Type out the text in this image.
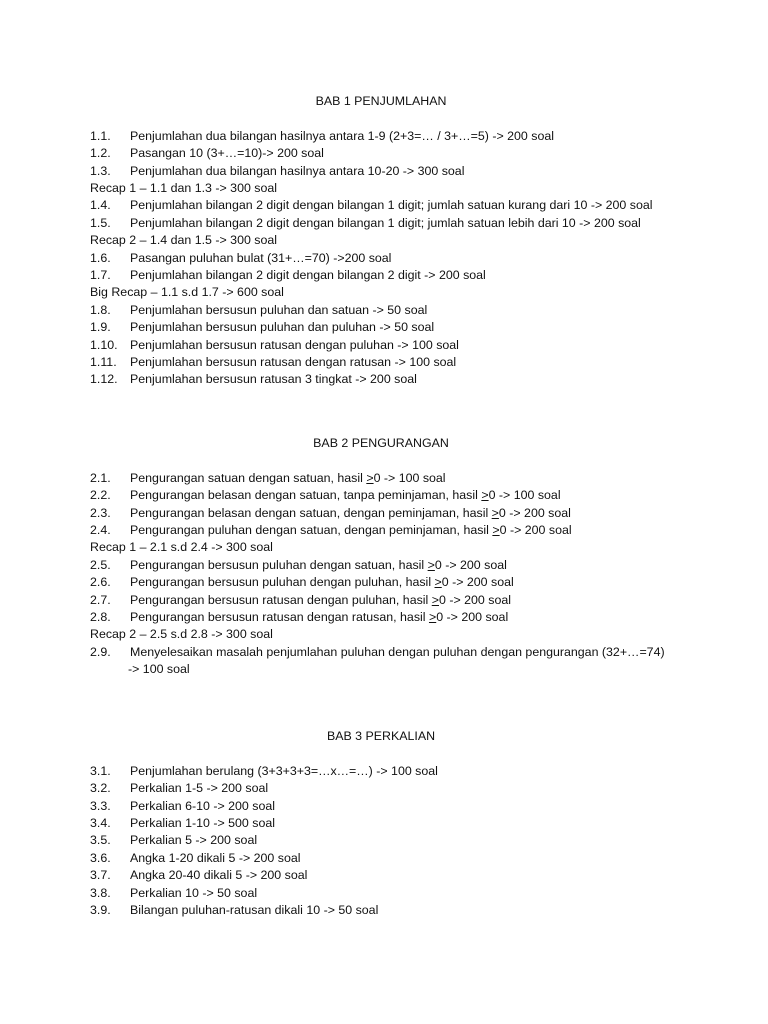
BAB 1 PENJUMLAHAN
1.1.	Penjumlahan dua bilangan hasilnya antara 1-9 (2+3=… / 3+…=5) -> 200 soal
1.2.	Pasangan 10 (3+…=10)-> 200 soal
1.3.	Penjumlahan dua bilangan hasilnya antara 10-20 -> 300 soal
Recap 1 – 1.1 dan 1.3 -> 300 soal
1.4.	Penjumlahan bilangan 2 digit dengan bilangan 1 digit; jumlah satuan kurang dari 10 -> 200 soal
1.5.	Penjumlahan bilangan 2 digit dengan bilangan 1 digit; jumlah satuan lebih dari 10 -> 200 soal
Recap 2 – 1.4 dan 1.5 -> 300 soal
1.6.	Pasangan puluhan bulat (31+…=70) ->200 soal
1.7.	Penjumlahan bilangan 2 digit dengan bilangan 2 digit -> 200 soal
Big Recap – 1.1 s.d 1.7 -> 600 soal
1.8.	Penjumlahan bersusun puluhan dan satuan -> 50 soal
1.9.	Penjumlahan bersusun puluhan dan puluhan -> 50 soal
1.10.	Penjumlahan bersusun ratusan dengan puluhan -> 100 soal
1.11.	Penjumlahan bersusun ratusan dengan ratusan -> 100 soal
1.12.	Penjumlahan bersusun ratusan 3 tingkat -> 200 soal
BAB 2 PENGURANGAN
2.1.	Pengurangan satuan dengan satuan, hasil ≥0 -> 100 soal
2.2.	Pengurangan belasan dengan satuan, tanpa peminjaman, hasil ≥0 -> 100 soal
2.3.	Pengurangan belasan dengan satuan, dengan peminjaman, hasil ≥0 -> 200 soal
2.4.	Pengurangan puluhan dengan satuan, dengan peminjaman, hasil ≥0 -> 200 soal
Recap 1 – 2.1 s.d 2.4 -> 300 soal
2.5.	Pengurangan bersusun puluhan dengan satuan, hasil ≥0 -> 200 soal
2.6.	Pengurangan bersusun puluhan dengan puluhan, hasil ≥0 -> 200 soal
2.7.	Pengurangan bersusun ratusan dengan puluhan, hasil ≥0 -> 200 soal
2.8.	Pengurangan bersusun ratusan dengan ratusan, hasil ≥0 -> 200 soal
Recap 2 – 2.5 s.d 2.8 -> 300 soal
2.9.	Menyelesaikan masalah penjumlahan puluhan dengan puluhan dengan pengurangan (32+…=74)
-> 100 soal
BAB 3 PERKALIAN
3.1.	Penjumlahan berulang (3+3+3+3=…x…=…) -> 100 soal
3.2.	Perkalian 1-5 -> 200 soal
3.3.	Perkalian 6-10 -> 200 soal
3.4.	Perkalian 1-10 -> 500 soal
3.5.	Perkalian 5 -> 200 soal
3.6.	Angka 1-20 dikali 5 -> 200 soal
3.7.	Angka 20-40 dikali 5 -> 200 soal
3.8.	Perkalian 10 -> 50 soal
3.9.	Bilangan puluhan-ratusan dikali 10 -> 50 soal
